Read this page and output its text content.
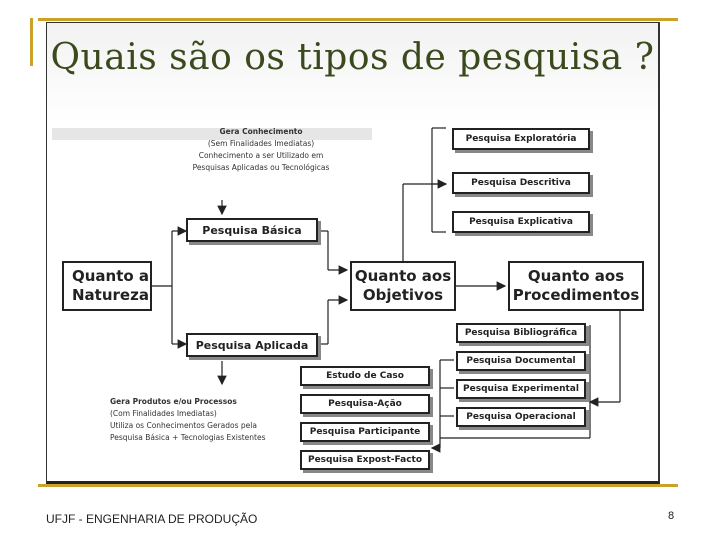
Quais são os tipos de pesquisa ?
Gera Conhecimento
(Sem Finalidades Imediatas)
Conhecimento a ser Utilizado em
Pesquisas Aplicadas ou Tecnológicas
Gera Produtos e/ou Processos
(Com Finalidades Imediatas)
Utiliza os Conhecimentos Gerados pela
Pesquisa Básica + Tecnologias Existentes
Quanto a Natureza
Pesquisa Básica
Pesquisa Aplicada
Quanto aos Objetivos
Quanto aos Procedimentos
Pesquisa Exploratória
Pesquisa Descritiva
Pesquisa Explicativa
Pesquisa Bibliográfica
Pesquisa Documental
Pesquisa Experimental
Pesquisa Operacional
Estudo de Caso
Pesquisa-Ação
Pesquisa Participante
Pesquisa Expost-Facto
UFJF - ENGENHARIA DE PRODUÇÃO	8
